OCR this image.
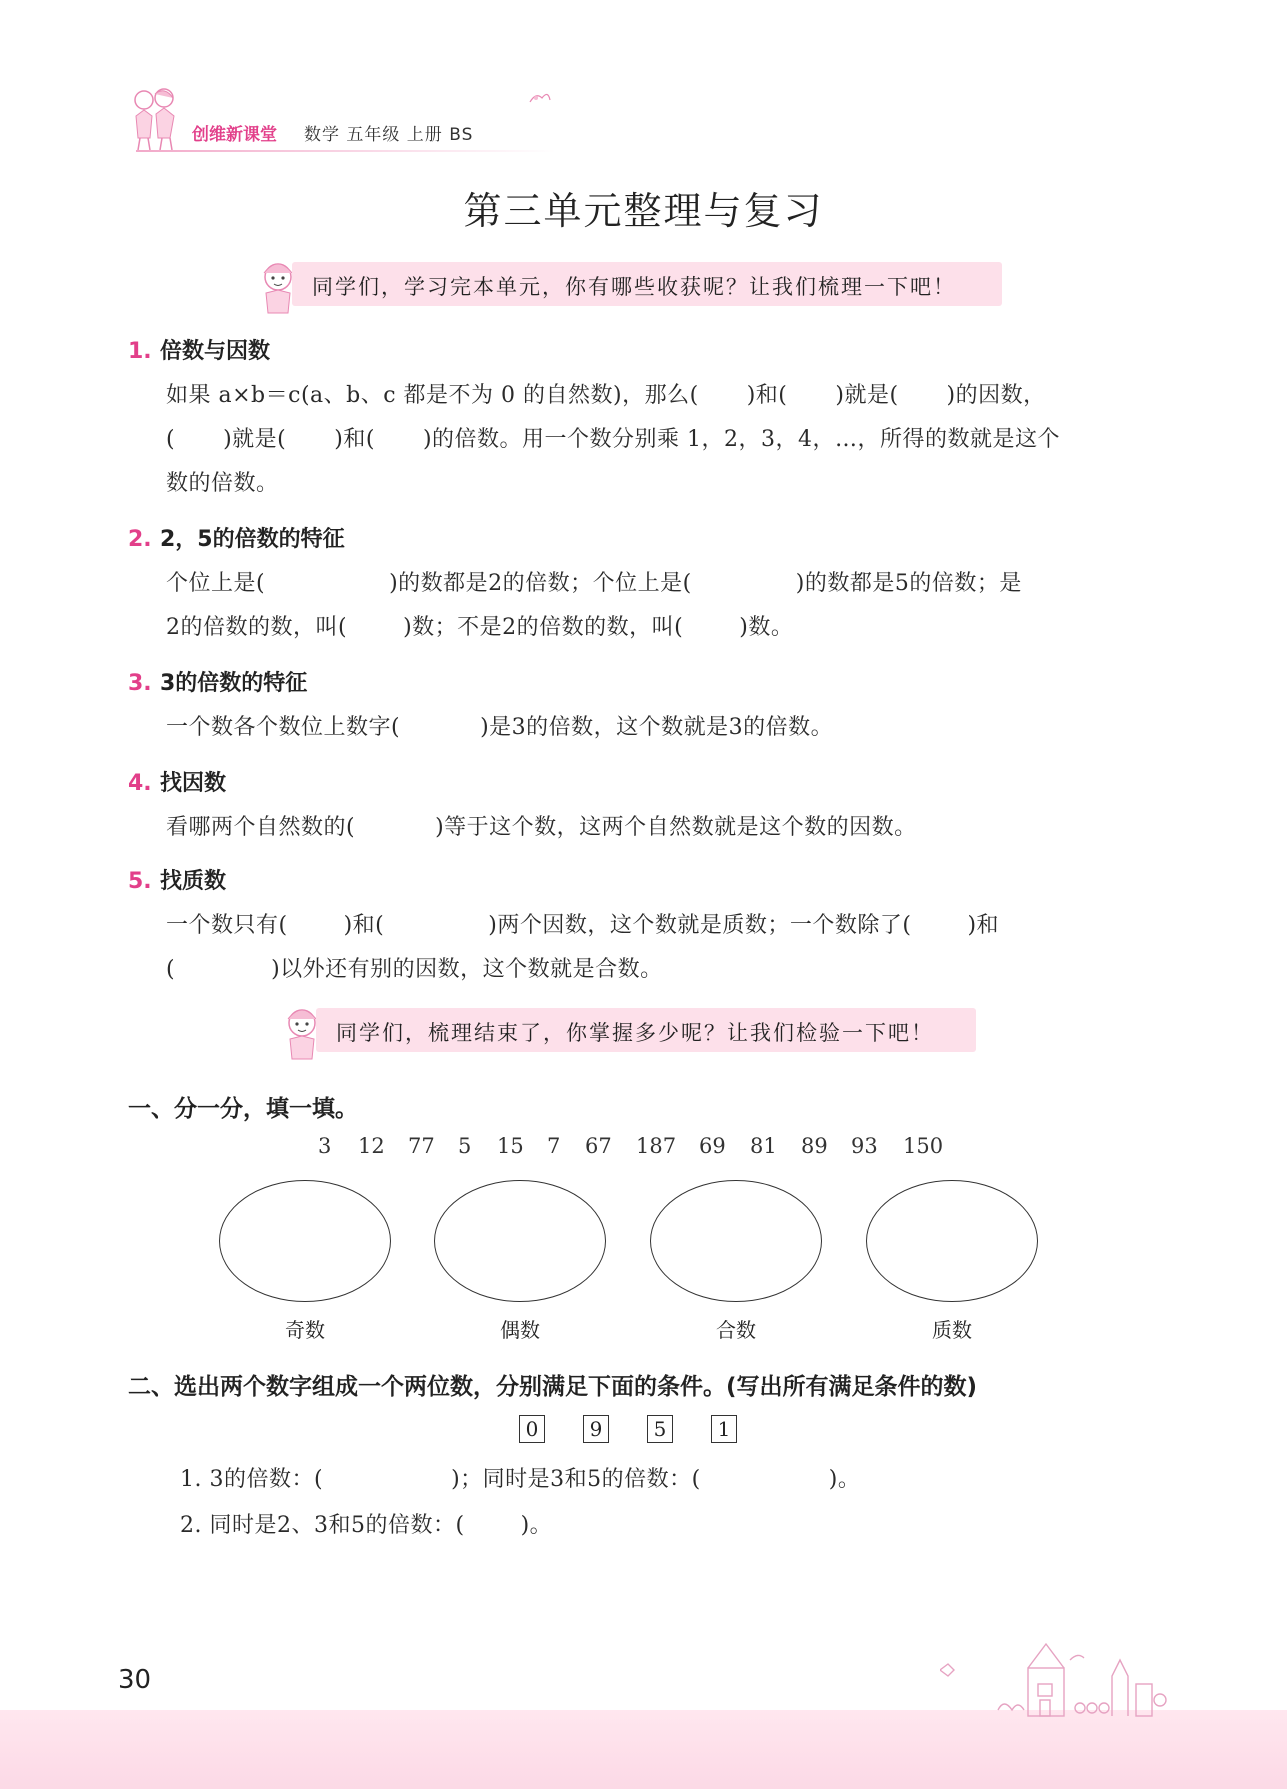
创维新课堂 数学 五年级 上册 BS
第三单元整理与复习
同学们，学习完本单元，你有哪些收获呢？让我们梳理一下吧！
1. 倍数与因数
如果 a×b＝c(a、b、c 都是不为 0 的自然数)，那么( )和( )就是( )的因数，
( )就是( )和( )的倍数。用一个数分别乘 1，2，3，4，…，所得的数就是这个
数的倍数。
2. 2，5的倍数的特征
个位上是(	)的数都是2的倍数；个位上是(	)的数都是5的倍数；是
2的倍数的数，叫(	)数；不是2的倍数的数，叫(	)数。
3. 3的倍数的特征
一个数各个数位上数字(	)是3的倍数，这个数就是3的倍数。
4. 找因数
看哪两个自然数的(	)等于这个数，这两个自然数就是这个数的因数。
5. 找质数
一个数只有(	)和(	)两个因数，这个数就是质数；一个数除了(	)和
(	)以外还有别的因数，这个数就是合数。
同学们，梳理结束了，你掌握多少呢？让我们检验一下吧！
一、分一分，填一填。
3 12 77 5 15 7 67 187 69 81 89 93 150
奇数	偶数	合数	质数
二、选出两个数字组成一个两位数，分别满足下面的条件。(写出所有满足条件的数)
0	9	5	1
1. 3的倍数：(	)；同时是3和5的倍数：(	)。
2. 同时是2、3和5的倍数：(	)。
30
